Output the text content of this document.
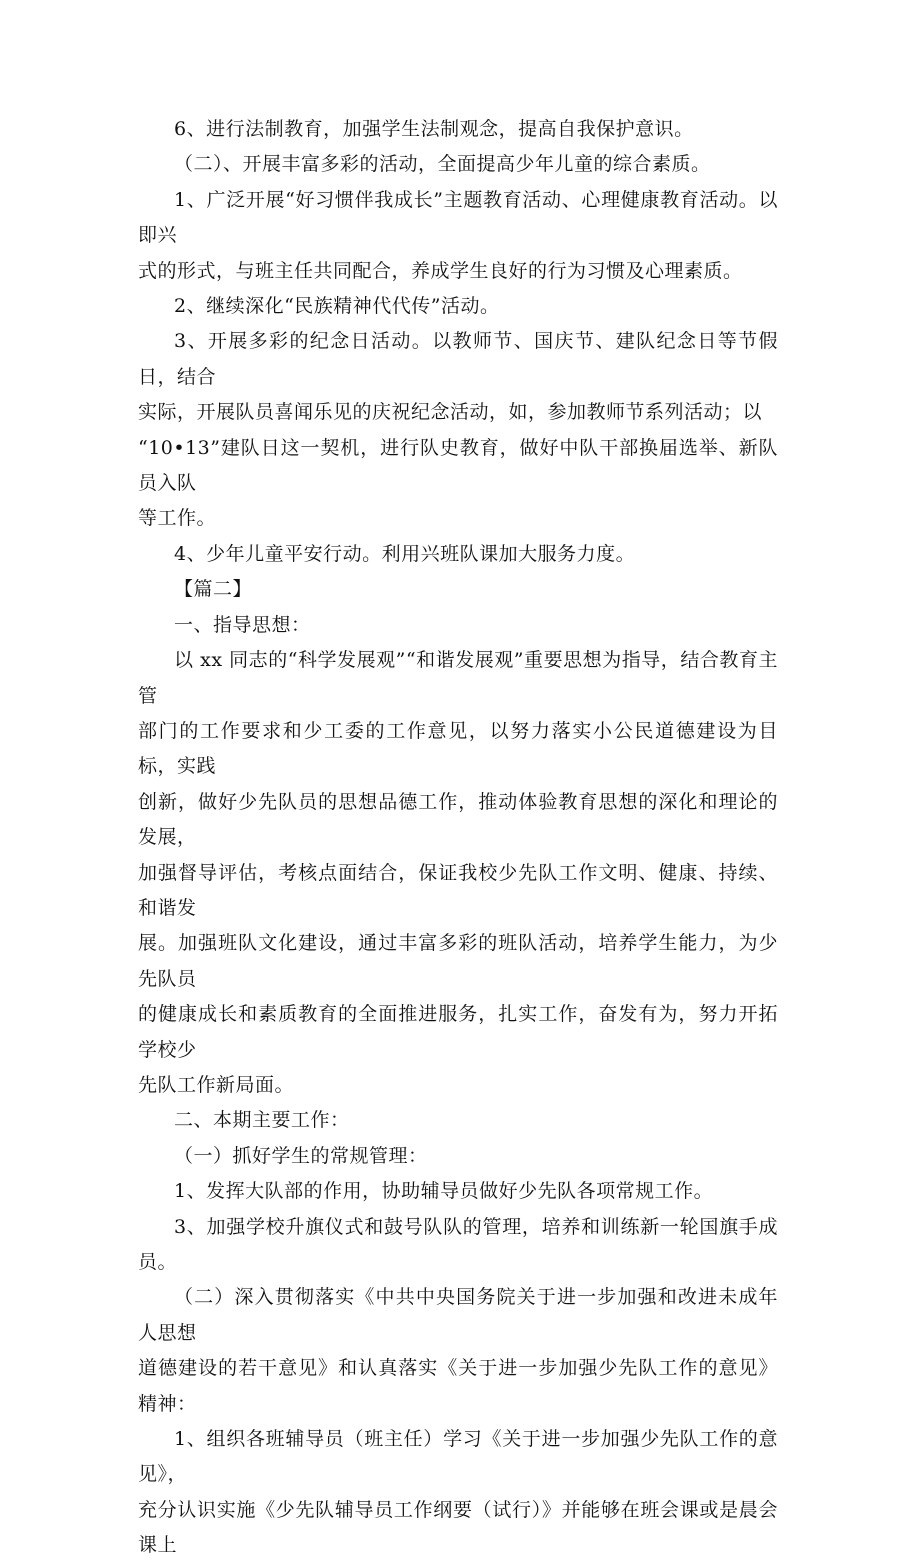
6、进行法制教育，加强学生法制观念，提高自我保护意识。

（二）、开展丰富多彩的活动，全面提高少年儿童的综合素质。

1、广泛开展“好习惯伴我成长”主题教育活动、心理健康教育活动。以即兴
式的形式，与班主任共同配合，养成学生良好的行为习惯及心理素质。

2、继续深化“民族精神代代传”活动。

3、开展多彩的纪念日活动。以教师节、国庆节、建队纪念日等节假日，结合
实际，开展队员喜闻乐见的庆祝纪念活动，如，参加教师节系列活动；以
“10•13”建队日这一契机，进行队史教育，做好中队干部换届选举、新队员入队
等工作。

4、少年儿童平安行动。利用兴班队课加大服务力度。

【篇二】

一、指导思想：

以 xx 同志的“科学发展观”“和谐发展观”重要思想为指导，结合教育主管
部门的工作要求和少工委的工作意见，以努力落实小公民道德建设为目标，实践
创新，做好少先队员的思想品德工作，推动体验教育思想的深化和理论的发展，
加强督导评估，考核点面结合，保证我校少先队工作文明、健康、持续、和谐发
展。加强班队文化建设，通过丰富多彩的班队活动，培养学生能力，为少先队员
的健康成长和素质教育的全面推进服务，扎实工作，奋发有为，努力开拓学校少
先队工作新局面。

二、本期主要工作：

（一）抓好学生的常规管理：

1、发挥大队部的作用，协助辅导员做好少先队各项常规工作。

3、加强学校升旗仪式和鼓号队队的管理，培养和训练新一轮国旗手成员。

（二）深入贯彻落实《中共中央国务院关于进一步加强和改进未成年人思想
道德建设的若干意见》和认真落实《关于进一步加强少先队工作的意见》精神：

1、组织各班辅导员（班主任）学习《关于进一步加强少先队工作的意见》，
充分认识实施《少先队辅导员工作纲要（试行）》并能够在班会课或是晨会课上
